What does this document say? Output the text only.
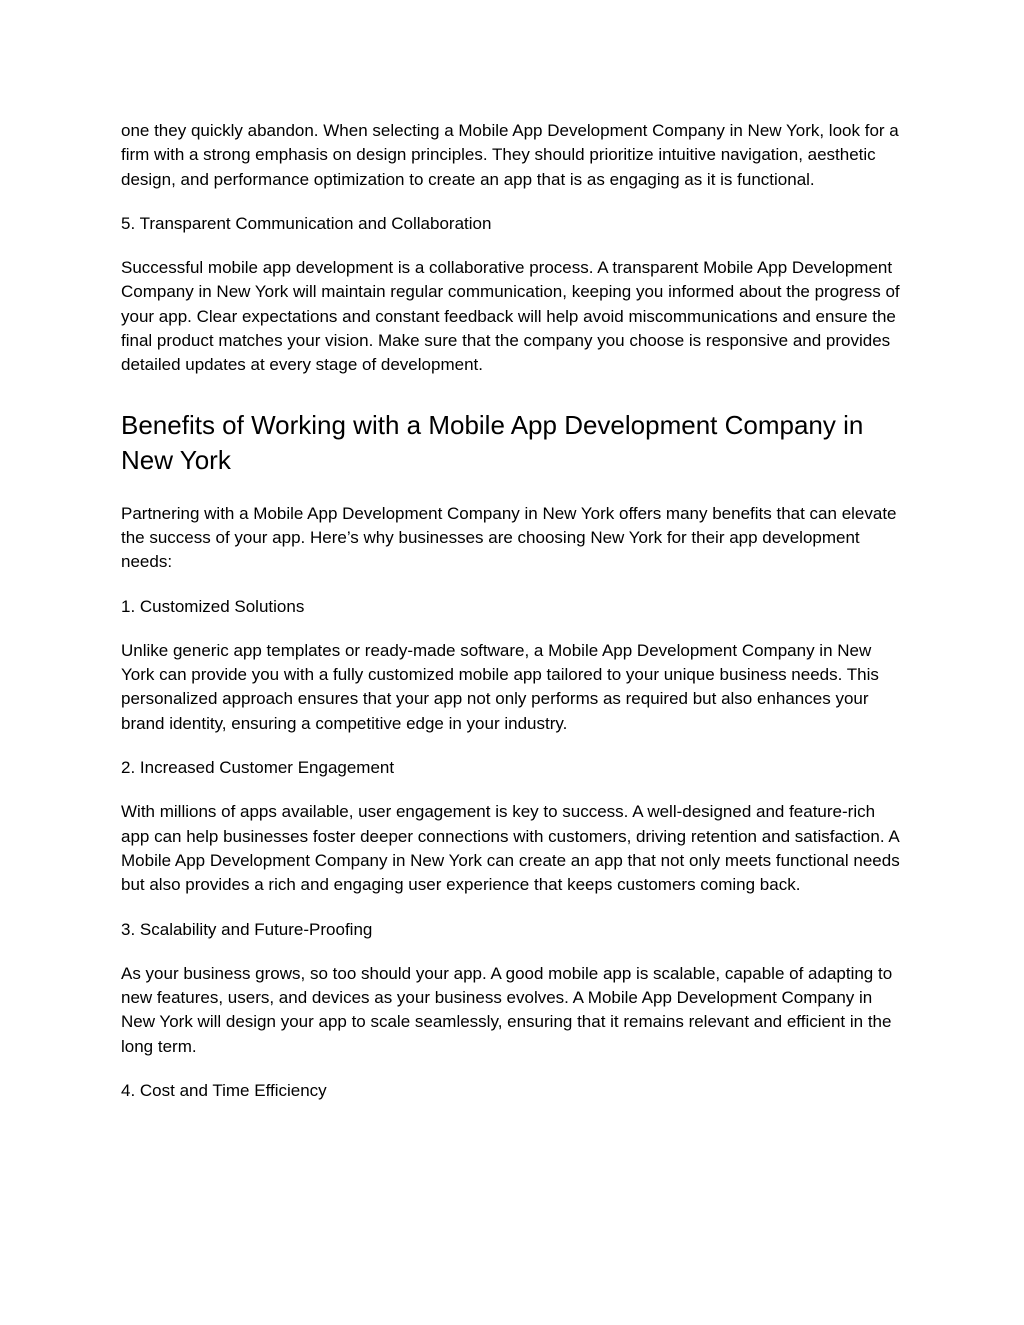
one they quickly abandon. When selecting a Mobile App Development Company in New York, look for a firm with a strong emphasis on design principles. They should prioritize intuitive navigation, aesthetic design, and performance optimization to create an app that is as engaging as it is functional.

5. Transparent Communication and Collaboration

Successful mobile app development is a collaborative process. A transparent Mobile App Development Company in New York will maintain regular communication, keeping you informed about the progress of your app. Clear expectations and constant feedback will help avoid miscommunications and ensure the final product matches your vision. Make sure that the company you choose is responsive and provides detailed updates at every stage of development.

Benefits of Working with a Mobile App Development Company in New York

Partnering with a Mobile App Development Company in New York offers many benefits that can elevate the success of your app. Here’s why businesses are choosing New York for their app development needs:

1. Customized Solutions

Unlike generic app templates or ready-made software, a Mobile App Development Company in New York can provide you with a fully customized mobile app tailored to your unique business needs. This personalized approach ensures that your app not only performs as required but also enhances your brand identity, ensuring a competitive edge in your industry.

2. Increased Customer Engagement

With millions of apps available, user engagement is key to success. A well-designed and feature-rich app can help businesses foster deeper connections with customers, driving retention and satisfaction. A Mobile App Development Company in New York can create an app that not only meets functional needs but also provides a rich and engaging user experience that keeps customers coming back.

3. Scalability and Future-Proofing

As your business grows, so too should your app. A good mobile app is scalable, capable of adapting to new features, users, and devices as your business evolves. A Mobile App Development Company in New York will design your app to scale seamlessly, ensuring that it remains relevant and efficient in the long term.

4. Cost and Time Efficiency
